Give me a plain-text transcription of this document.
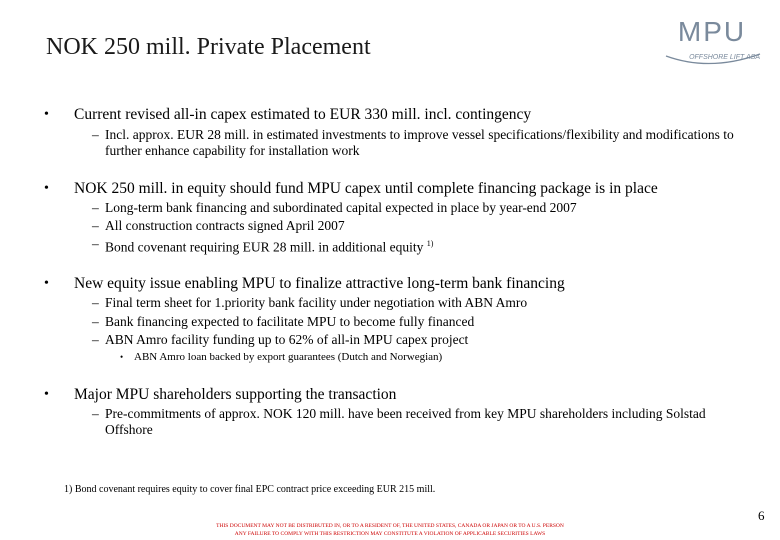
NOK 250 mill. Private Placement	MPU
OFFSHORE LIFT ASA
• Current revised all-in capex estimated to EUR 330 mill. incl. contingency
– Incl. approx. EUR 28 mill. in estimated investments to improve vessel specifications/flexibility and modifications to further enhance capability for installation work
• NOK 250 mill. in equity should fund MPU capex until complete financing package is in place
– Long-term bank financing and subordinated capital expected in place by year-end 2007
– All construction contracts signed April 2007
– Bond covenant requiring EUR 28 mill. in additional equity $^{1)}$
• New equity issue enabling MPU to finalize attractive long-term bank financing
– Final term sheet for 1.priority bank facility under negotiation with ABN Amro
– Bank financing expected to facilitate MPU to become fully financed
– ABN Amro facility funding up to 62% of all-in MPU capex project
• ABN Amro loan backed by export guarantees (Dutch and Norwegian)
• Major MPU shareholders supporting the transaction
– Pre-commitments of approx. NOK 120 mill. have been received from key MPU shareholders including Solstad Offshore
1) Bond covenant requires equity to cover final EPC contract price exceeding EUR 215 mill.
6
THIS DOCUMENT MAY NOT BE DISTRIBUTED IN, OR TO A RESIDENT OF, THE UNITED STATES, CANADA OR JAPAN OR TO A U.S. PERSON
ANY FAILURE TO COMPLY WITH THIS RESTRICTION MAY CONSTITUTE A VIOLATION OF APPLICABLE SECURITIES LAWS
